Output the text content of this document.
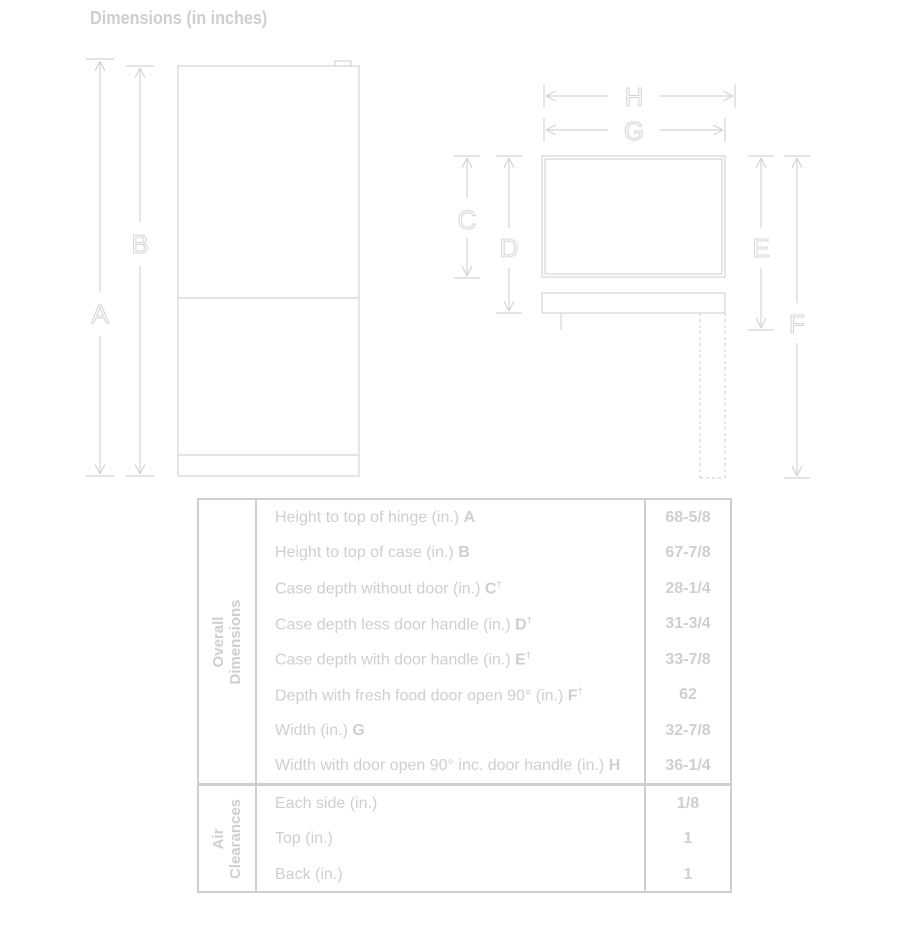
Dimensions (in inches)
A
B
C
D	E
F
G
H
Overall
Dimensions
Height to top of hinge (in.) A	68-5/8
Height to top of case (in.) B	67-7/8
Case depth without door (in.) C†	28-1/4
Case depth less door handle (in.) D†	31-3/4
Case depth with door handle (in.) E†	33-7/8
Depth with fresh food door open 90° (in.) F†	62
Width (in.) G	32-7/8
Width with door open 90° inc. door handle (in.) H	36-1/4
Air
Clearances	Each side (in.)	1/8
Top (in.)	1
Back (in.)	1
